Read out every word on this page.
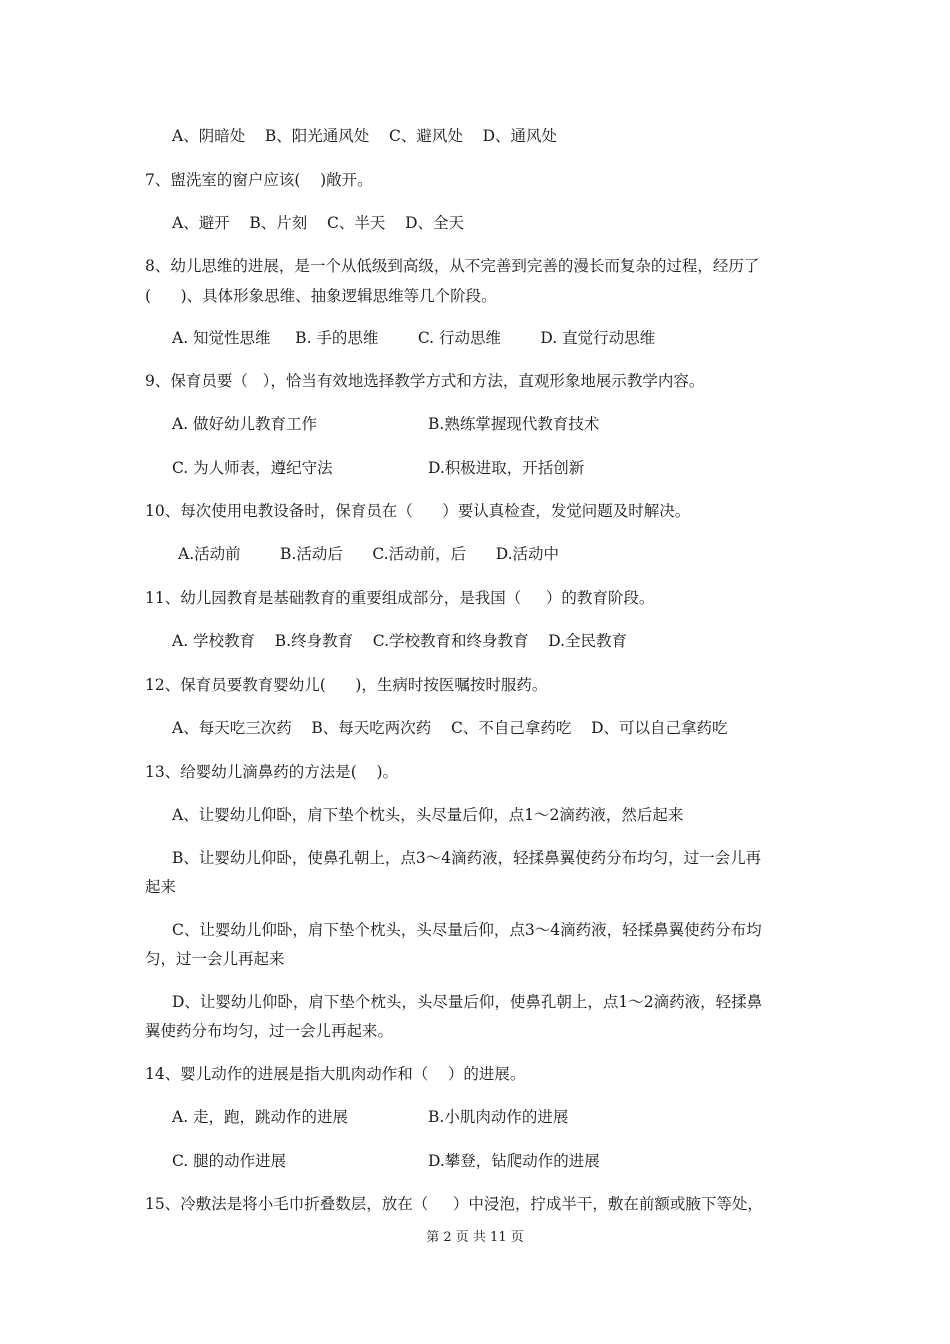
A、阴暗处    B、阳光通风处    C、避风处    D、通风处
7、盥洗室的窗户应该(    )敞开。
A、避开    B、片刻    C、半天    D、全天
8、幼儿思维的进展，是一个从低级到高级，从不完善到完善的漫长而复杂的过程，经历了
(      )、具体形象思维、抽象逻辑思维等几个阶段。
A. 知觉性思维     B. 手的思维        C. 行动思维        D. 直觉行动思维
9、保育员要（   ），恰当有效地选择教学方式和方法，直观形象地展示教学内容。
A. 做好幼儿教育工作	B.熟练掌握现代教育技术
C. 为人师表，遵纪守法	D.积极进取，开括创新
10、每次使用电教设备时，保育员在（      ）要认真检查，发觉问题及时解决。
A.活动前        B.活动后      C.活动前，后      D.活动中
11、幼儿园教育是基础教育的重要组成部分，是我国（     ）的教育阶段。
A. 学校教育    B.终身教育    C.学校教育和终身教育    D.全民教育
12、保育员要教育婴幼儿(      )，生病时按医嘱按时服药。
A、每天吃三次药    B、每天吃两次药    C、不自己拿药吃    D、可以自己拿药吃
13、给婴幼儿滴鼻药的方法是(    )。
A、让婴幼儿仰卧，肩下垫个枕头，头尽量后仰，点1～2滴药液，然后起来
B、让婴幼儿仰卧，使鼻孔朝上，点3～4滴药液，轻揉鼻翼使药分布均匀，过一会儿再
起来
C、让婴幼儿仰卧，肩下垫个枕头，头尽量后仰，点3～4滴药液，轻揉鼻翼使药分布均
匀，过一会儿再起来
D、让婴幼儿仰卧，肩下垫个枕头，头尽量后仰，使鼻孔朝上，点1～2滴药液，轻揉鼻
翼使药分布均匀，过一会儿再起来。
14、婴儿动作的进展是指大肌肉动作和（    ）的进展。
A. 走，跑，跳动作的进展	B.小肌肉动作的进展
C. 腿的动作进展	D.攀登，钻爬动作的进展
15、冷敷法是将小毛巾折叠数层，放在（     ）中浸泡，拧成半干，敷在前额或腋下等处，
第 2 页 共 11 页
